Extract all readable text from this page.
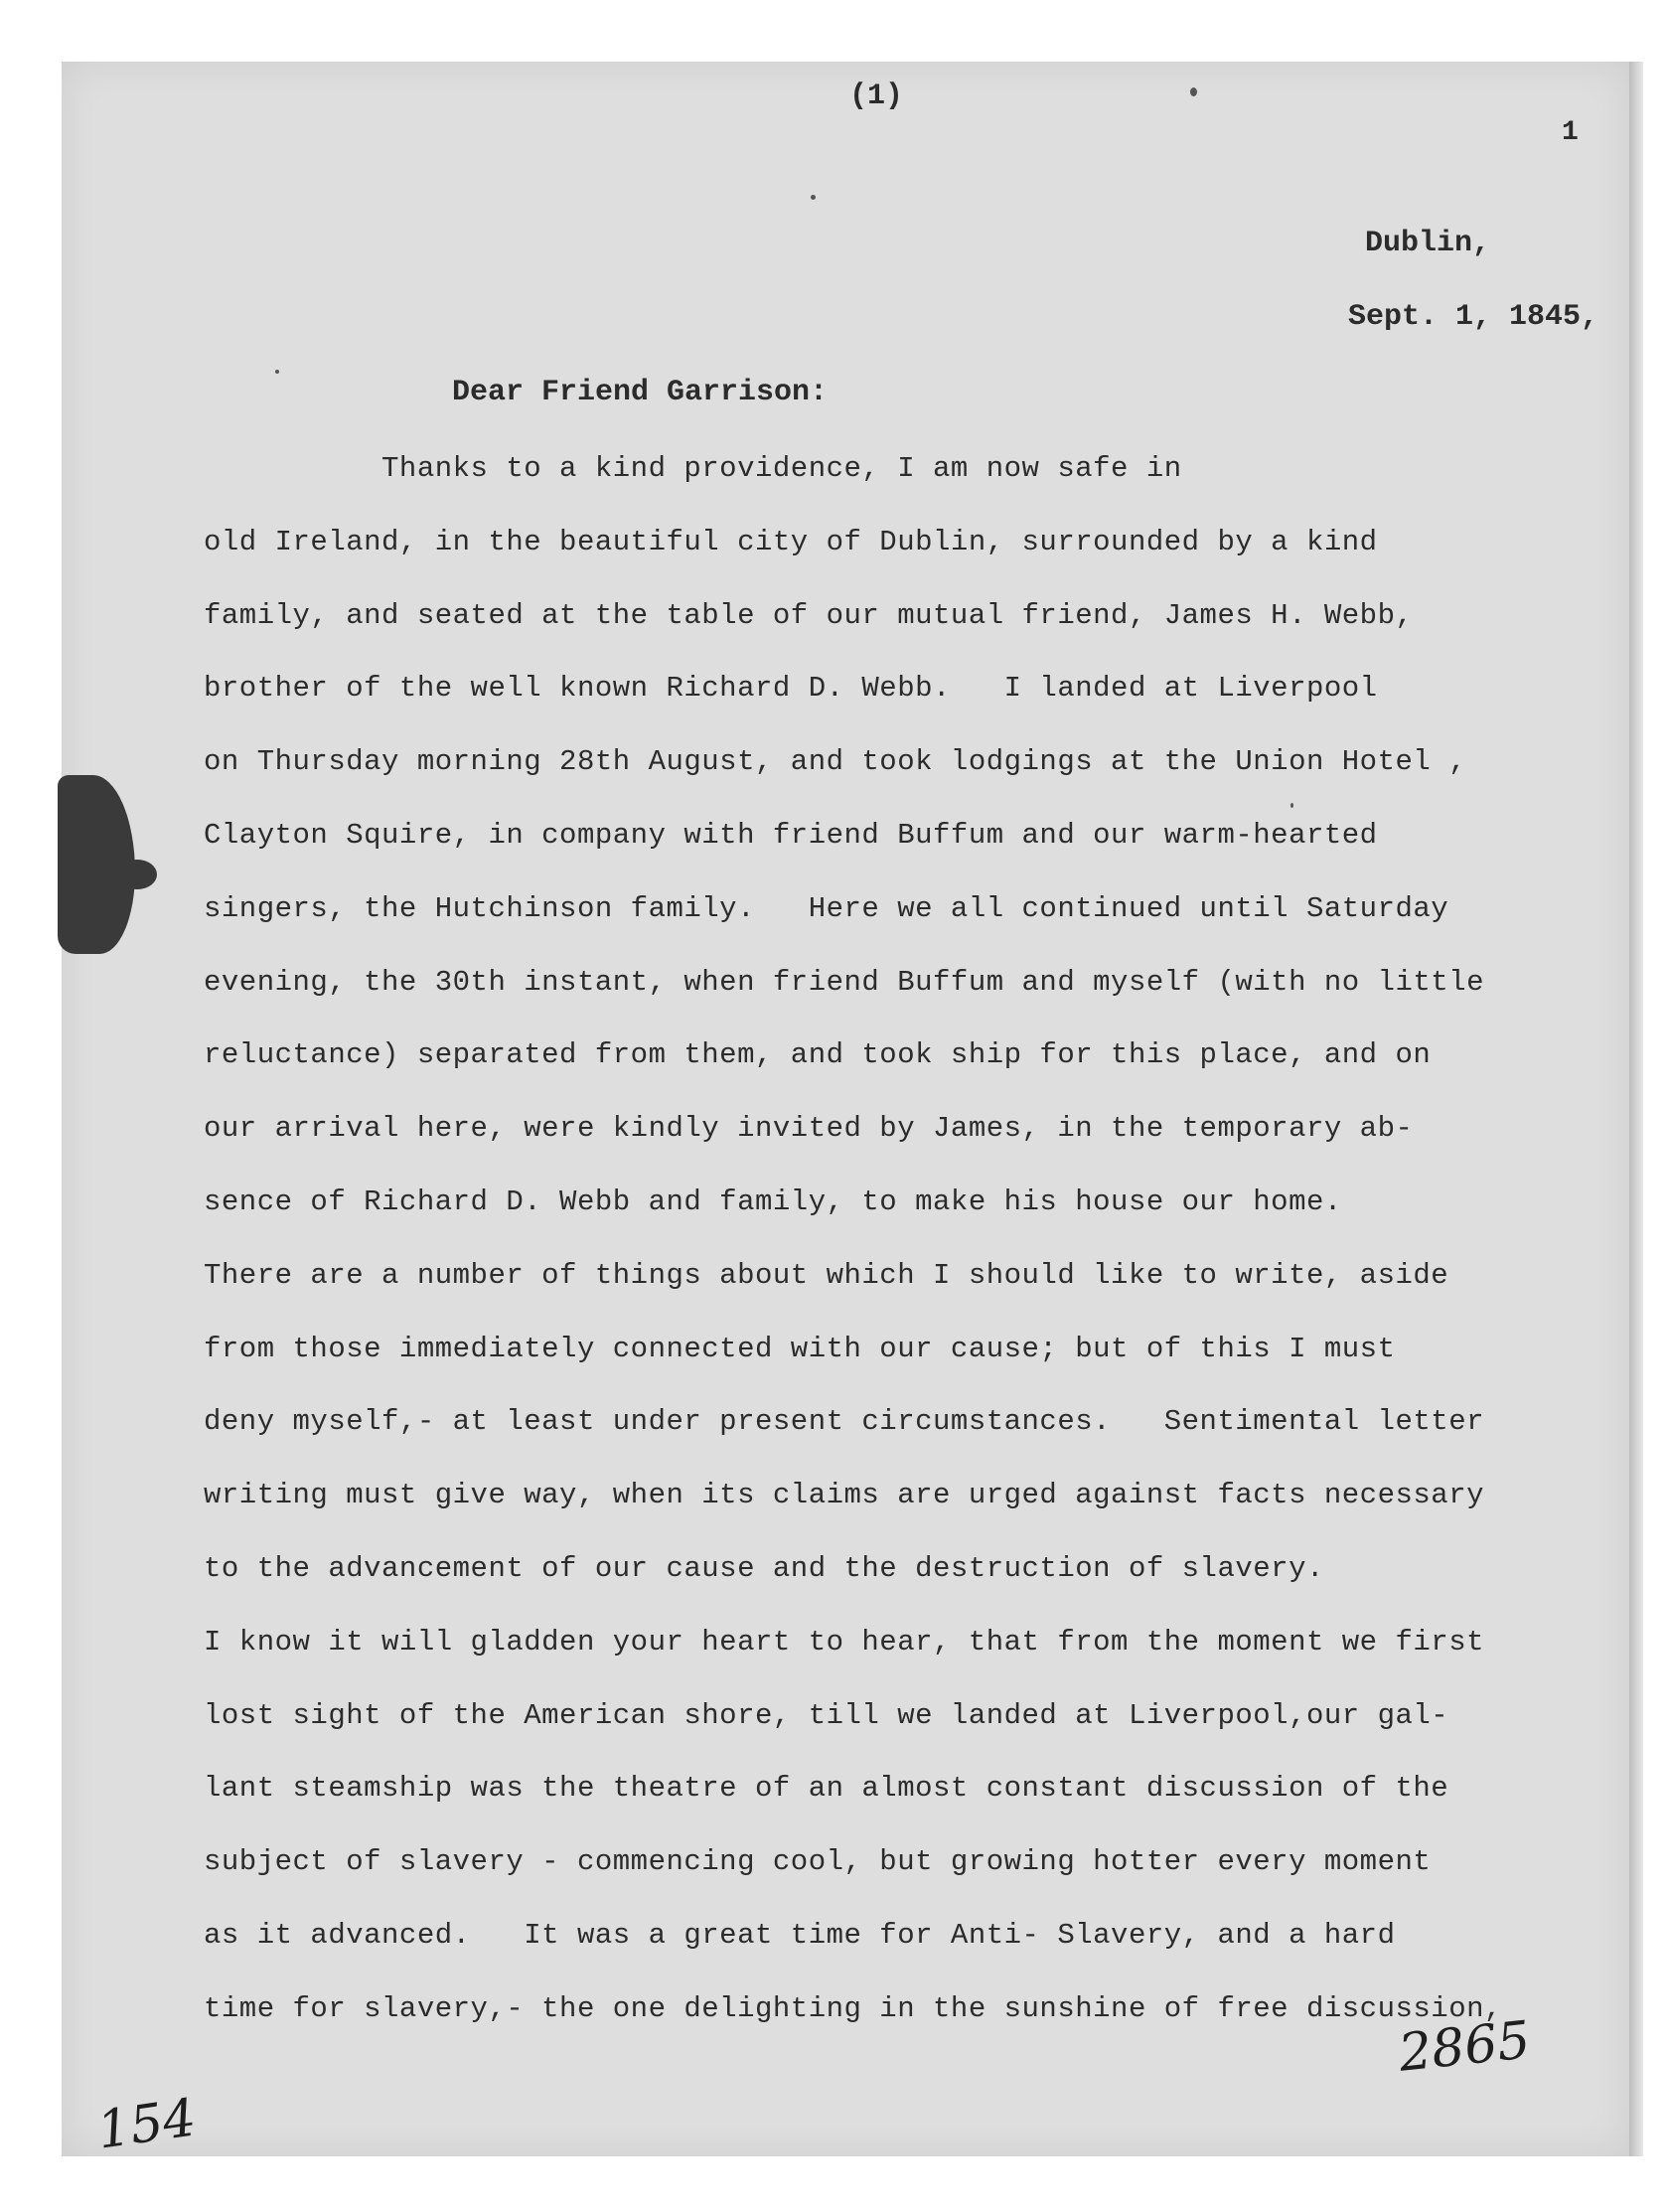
(1)
1
Dublin,
Sept. 1, 1845,
Dear Friend Garrison:
Thanks to a kind providence, I am now safe in
old Ireland, in the beautiful city of Dublin, surrounded by a kind
family, and seated at the table of our mutual friend, James H. Webb,
brother of the well known Richard D. Webb.   I landed at Liverpool
on Thursday morning 28th August, and took lodgings at the Union Hotel ,
Clayton Squire, in company with friend Buffum and our warm-hearted
singers, the Hutchinson family.   Here we all continued until Saturday
evening, the 30th instant, when friend Buffum and myself (with no little
reluctance) separated from them, and took ship for this place, and on
our arrival here, were kindly invited by James, in the temporary ab-
sence of Richard D. Webb and family, to make his house our home.
There are a number of things about which I should like to write, aside
from those immediately connected with our cause; but of this I must
deny myself,- at least under present circumstances.   Sentimental letter
writing must give way, when its claims are urged against facts necessary
to the advancement of our cause and the destruction of slavery.
I know it will gladden your heart to hear, that from the moment we first
lost sight of the American shore, till we landed at Liverpool,our gal-
lant steamship was the theatre of an almost constant discussion of the
subject of slavery - commencing cool, but growing hotter every moment
as it advanced.   It was a great time for Anti- Slavery, and a hard
time for slavery,- the one delighting in the sunshine of free discussion,
154
2865
